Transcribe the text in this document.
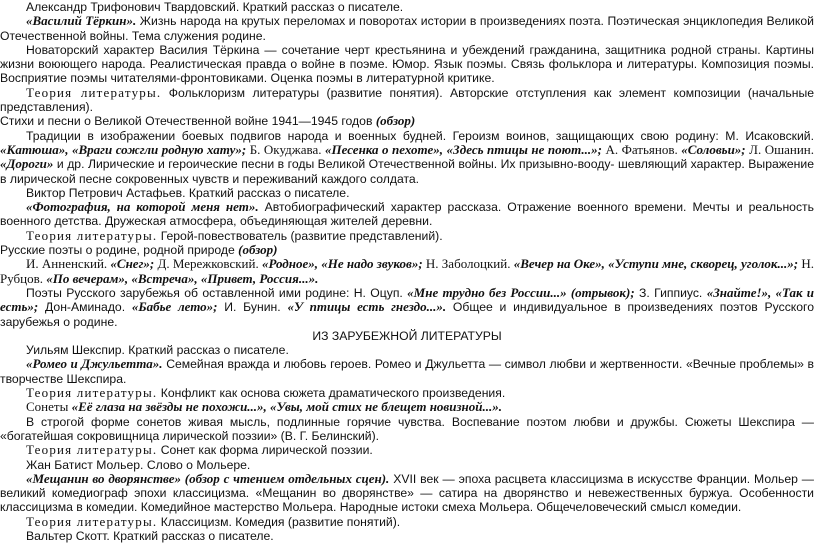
Александр Трифонович Твардовский. Краткий рассказ о писателе.

«Василий Тёркин». Жизнь народа на крутых переломах и поворотах истории в произведениях поэта. Поэтическая энциклопедия Великой Отечественной войны. Тема служения родине.

Новаторский характер Василия Тёркина — сочетание черт крестьянина и убеждений гражданина, защитника родной страны. Картины жизни воюющего народа. Реалистическая правда о войне в поэме. Юмор. Язык поэмы. Связь фольклора и литературы. Композиция поэмы. Восприятие поэмы читателями-фронтовиками. Оценка поэмы в литературной критике.

Теория литературы. Фольклоризм литературы (развитие понятия). Авторские отступления как элемент композиции (начальные представления).

Стихи и песни о Великой Отечественной войне 1941—1945 годов (обзор)

Традиции в изображении боевых подвигов народа и военных будней. Героизм воинов, защищающих свою родину: М. Исаковский. «Катюша», «Враги сожгли родную хату»; Б. Окуджава. «Песенка о пехоте», «Здесь птицы не поют...»; А. Фатьянов. «Соловьи»; Л. Ошанин. «Дороги» и др. Лирические и героические песни в годы Великой Отечественной войны. Их призывно-вооду- шевляющий характер. Выражение в лирической песне сокровенных чувств и переживаний каждого солдата.

Виктор Петрович Астафьев. Краткий рассказ о писателе.

«Фотография, на которой меня нет». Автобиографический характер рассказа. Отражение военного времени. Мечты и реальность военного детства. Дружеская атмосфера, объединяющая жителей деревни.

Теория литературы. Герой-повествователь (развитие представлений).

Русские поэты о родине, родной природе (обзор)

И. Анненский. «Снег»; Д. Мережковский. «Родное», «Не надо звуков»; Н. Заболоцкий. «Вечер на Оке», «Уступи мне, скворец, уголок...»; Н. Рубцов. «По вечерам», «Встреча», «Привет, Россия...».

Поэты Русского зарубежья об оставленной ими родине: Н. Оцуп. «Мне трудно без России...» (отрывок); З. Гиппиус. «Знайте!», «Так и есть»; Дон-Аминадо. «Бабье лето»; И. Бунин. «У птицы есть гнездо...». Общее и индивидуальное в произведениях поэтов Русского зарубежья о родине.

ИЗ ЗАРУБЕЖНОЙ ЛИТЕРАТУРЫ

Уильям Шекспир. Краткий рассказ о писателе.

«Ромео и Джульетта». Семейная вражда и любовь героев. Ромео и Джульетта — символ любви и жертвенности. «Вечные проблемы» в творчестве Шекспира.

Теория литературы. Конфликт как основа сюжета драматического произведения.

Сонеты «Её глаза на звёзды не похожи...», «Увы, мой стих не блещет новизной...».

В строгой форме сонетов живая мысль, подлинные горячие чувства. Воспевание поэтом любви и дружбы. Сюжеты Шекспира — «богатейшая сокровищница лирической поэзии» (В. Г. Белинский).

Теория литературы. Сонет как форма лирической поэзии.

Жан Батист Мольер. Слово о Мольере.

«Мещанин во дворянстве» (обзор с чтением отдельных сцен). XVII век — эпоха расцвета классицизма в искусстве Франции. Мольер — великий комедиограф эпохи классицизма. «Мещанин во дворянстве» — сатира на дворянство и невежественных буржуа. Особенности классицизма в комедии. Комедийное мастерство Мольера. Народные истоки смеха Мольера. Общечеловеческий смысл комедии.

Теория литературы. Классицизм. Комедия (развитие понятий).

Вальтер Скотт. Краткий рассказ о писателе.
